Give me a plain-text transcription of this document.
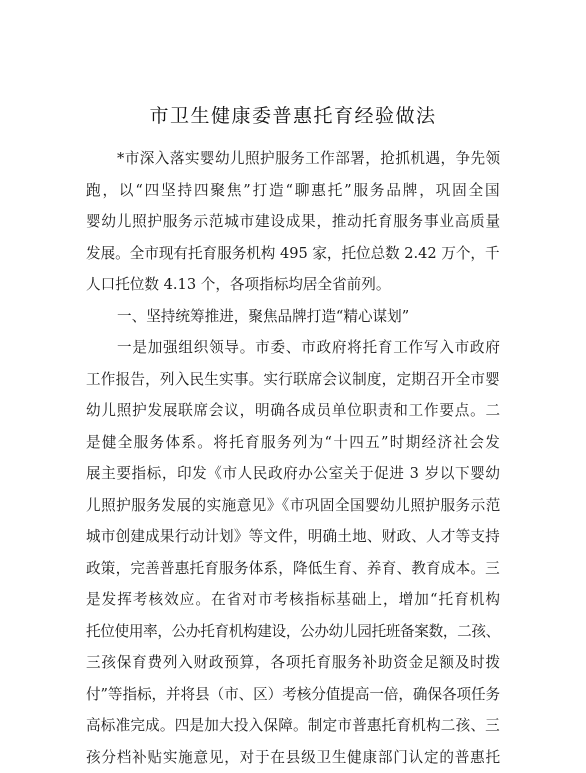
市卫生健康委普惠托育经验做法
*市深入落实婴幼儿照护服务工作部署，抢抓机遇，争先领
跑，以“四坚持四聚焦”打造“聊惠托”服务品牌，巩固全国
婴幼儿照护服务示范城市建设成果，推动托育服务事业高质量
发展。全市现有托育服务机构 495 家，托位总数 2.42 万个，千
人口托位数 4.13 个，各项指标均居全省前列。
一、坚持统筹推进，聚焦品牌打造“精心谋划”
一是加强组织领导。市委、市政府将托育工作写入市政府
工作报告，列入民生实事。实行联席会议制度，定期召开全市婴
幼儿照护发展联席会议，明确各成员单位职责和工作要点。二
是健全服务体系。将托育服务列为“十四五”时期经济社会发
展主要指标，印发《市人民政府办公室关于促进 3 岁以下婴幼
儿照护服务发展的实施意见》《市巩固全国婴幼儿照护服务示范
城市创建成果行动计划》等文件，明确土地、财政、人才等支持
政策，完善普惠托育服务体系，降低生育、养育、教育成本。三
是发挥考核效应。在省对市考核指标基础上，增加“托育机构
托位使用率，公办托育机构建设，公办幼儿园托班备案数，二孩、
三孩保育费列入财政预算，各项托育服务补助资金足额及时拨
付”等指标，并将县（市、区）考核分值提高一倍，确保各项任务
高标准完成。四是加大投入保障。制定市普惠托育机构二孩、三
孩分档补贴实施意见，对于在县级卫生健康部门认定的普惠托
